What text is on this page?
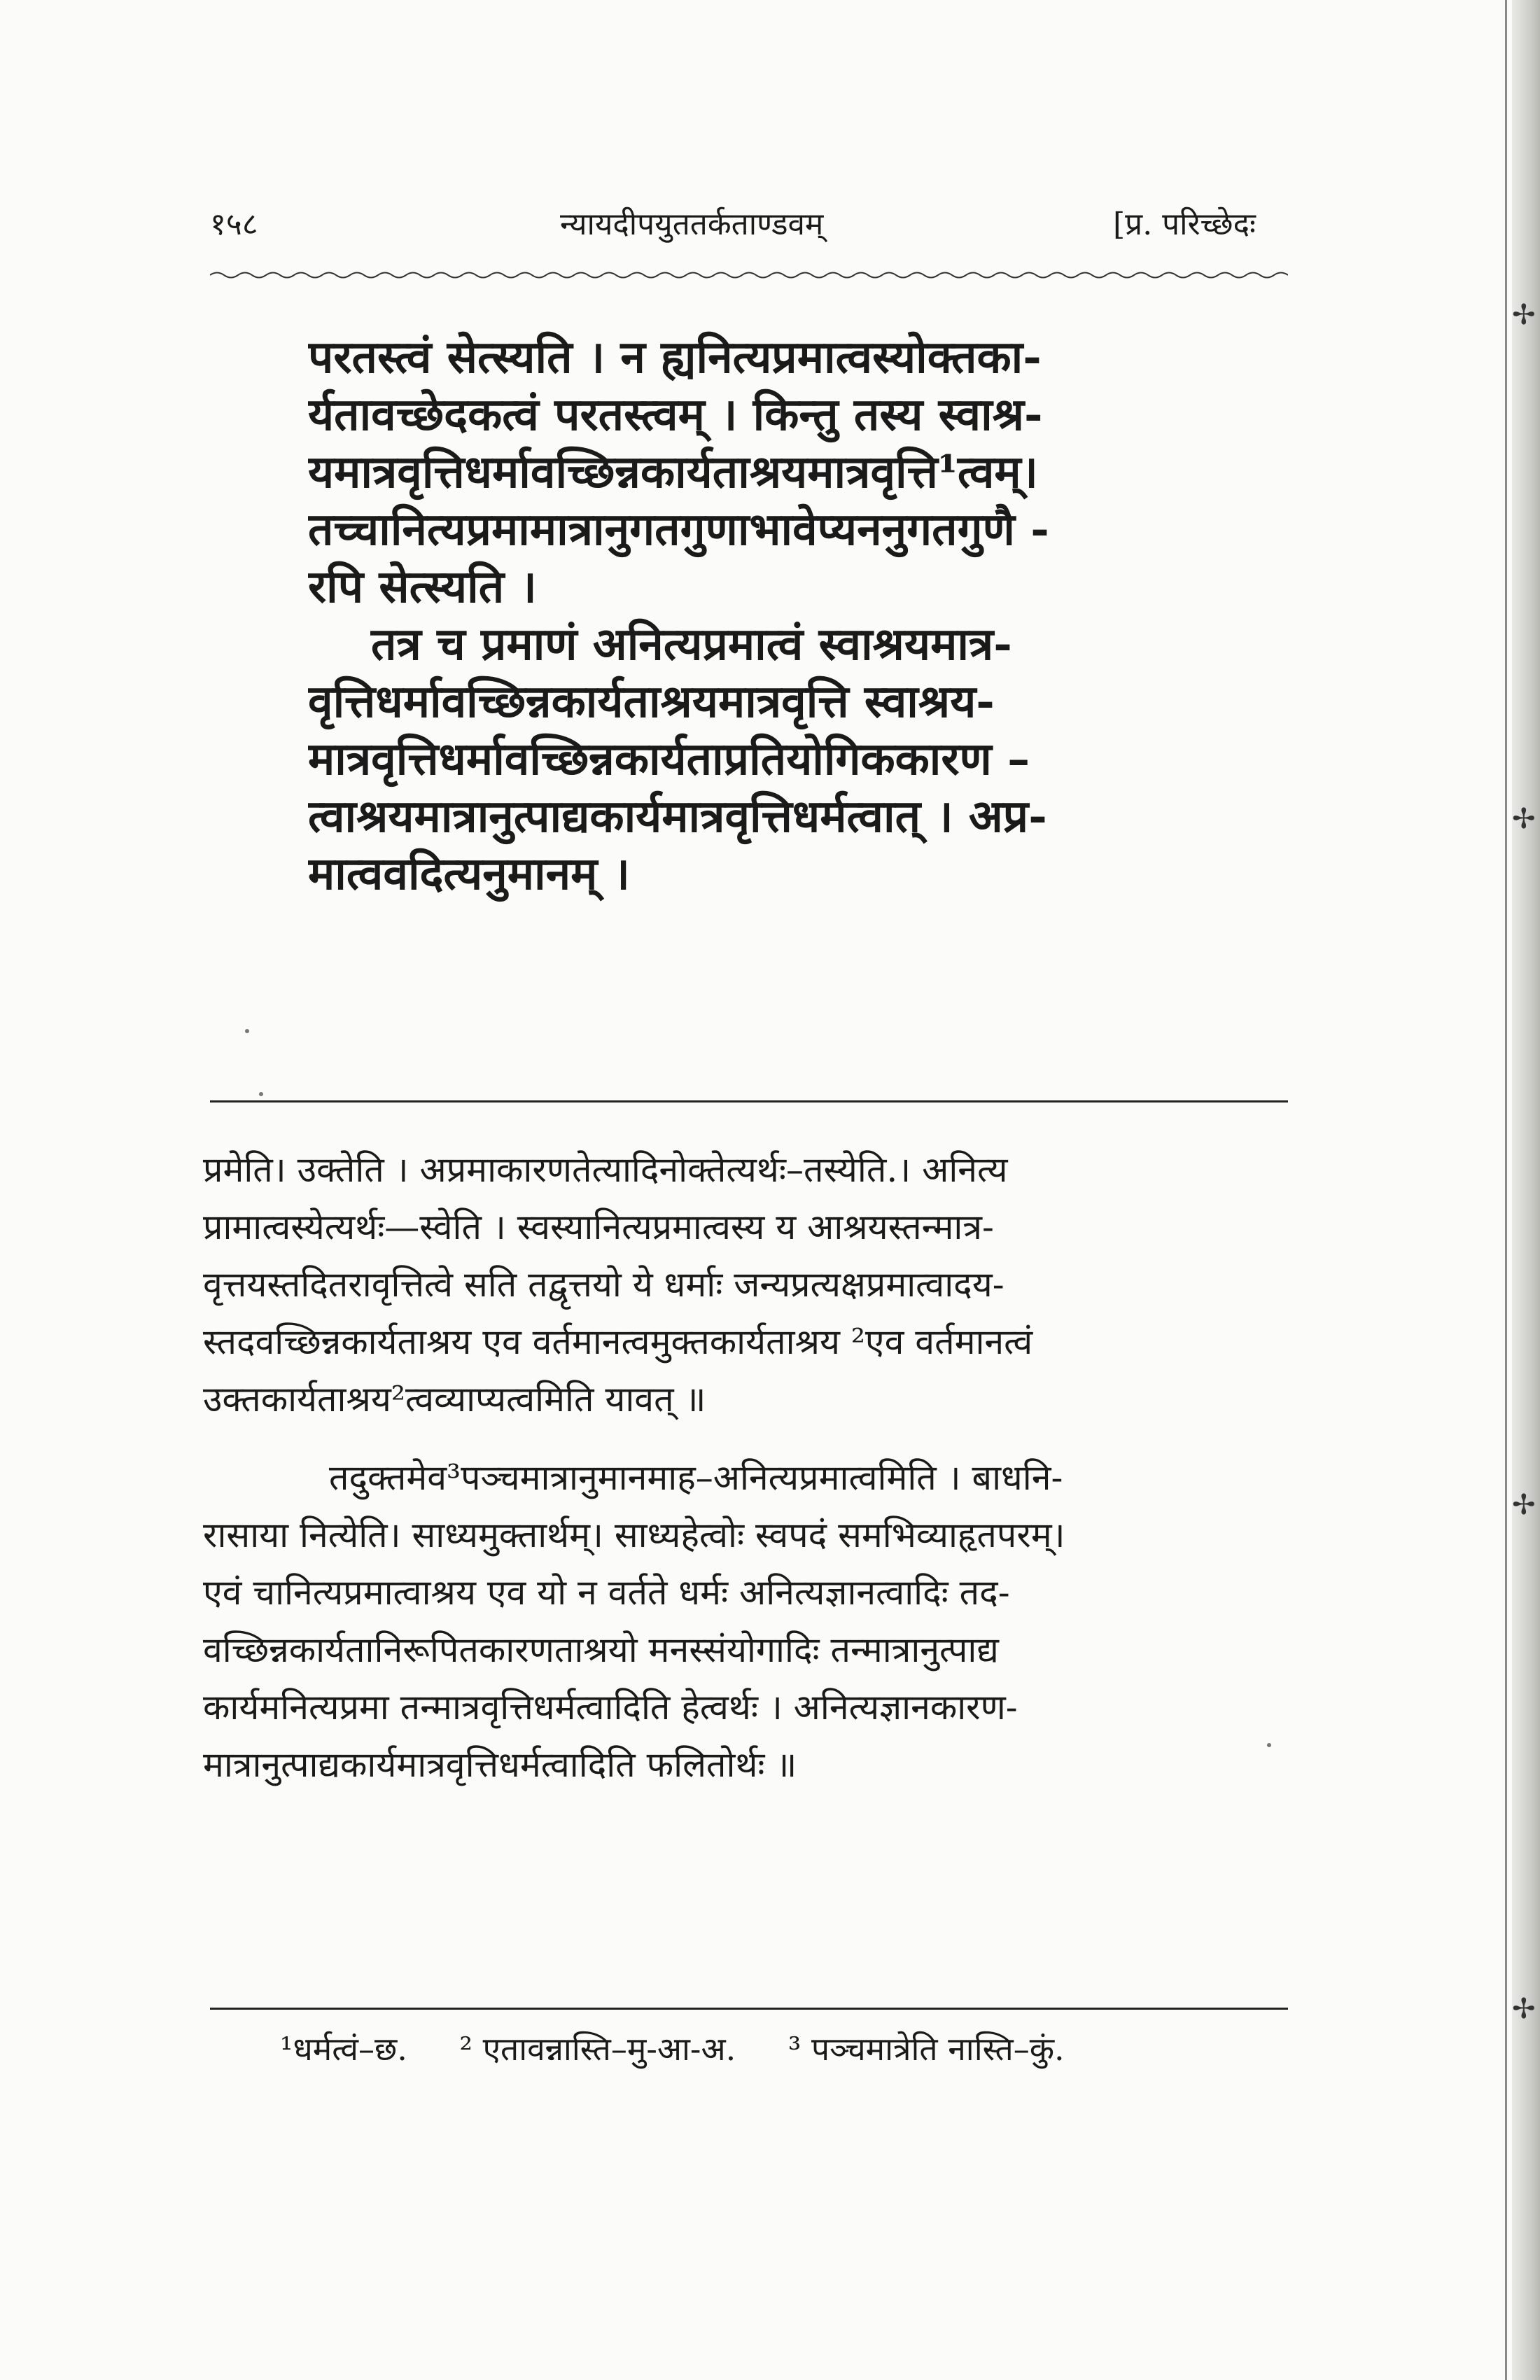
✢
✢
✢
✢
१५८	न्यायदीपयुततर्कताण्डवम्	[प्र. परिच्छेदः
परतस्त्वं सेत्स्यति । न ह्यनित्यप्रमात्वस्योक्तका-
र्यतावच्छेदकत्वं परतस्त्वम् । किन्तु तस्य स्वाश्र-
यमात्रवृत्तिधर्मावच्छिन्नकार्यताश्रयमात्रवृत्ति¹त्वम्।
तच्चानित्यप्रमामात्रानुगतगुणाभावेप्यननुगतगुणै -
रपि सेत्स्यति ।
तत्र च प्रमाणं अनित्यप्रमात्वं स्वाश्रयमात्र-
वृत्तिधर्मावच्छिन्नकार्यताश्रयमात्रवृत्ति स्वाश्रय-
मात्रवृत्तिधर्मावच्छिन्नकार्यताप्रतियोगिककारण –
त्वाश्रयमात्रानुत्पाद्यकार्यमात्रवृत्तिधर्मत्वात् । अप्र-
मात्ववदित्यनुमानम् ।
प्रमेति। उक्तेति । अप्रमाकारणतेत्यादिनोक्तेत्यर्थः–तस्येति.। अनित्य
प्रामात्वस्येत्यर्थः—स्वेति । स्वस्यानित्यप्रमात्वस्य य आश्रयस्तन्मात्र-
वृत्तयस्तदितरावृत्तित्वे सति तद्वृत्तयो ये धर्माः जन्यप्रत्यक्षप्रमात्वादय-
स्तदवच्छिन्नकार्यताश्रय एव वर्तमानत्वमुक्तकार्यताश्रय ²एव वर्तमानत्वं
उक्तकार्यताश्रय²त्वव्याप्यत्वमिति यावत् ॥
तदुक्तमेव³पञ्चमात्रानुमानमाह–अनित्यप्रमात्वमिति । बाधनि-
रासाया नित्येति। साध्यमुक्तार्थम्। साध्यहेत्वोः स्वपदं समभिव्याहृतपरम्।
एवं चानित्यप्रमात्वाश्रय एव यो न वर्तते धर्मः अनित्यज्ञानत्वादिः तद-
वच्छिन्नकार्यतानिरूपितकारणताश्रयो मनस्संयोगादिः तन्मात्रानुत्पाद्य
कार्यमनित्यप्रमा तन्मात्रवृत्तिधर्मत्वादिति हेत्वर्थः । अनित्यज्ञानकारण-
मात्रानुत्पाद्यकार्यमात्रवृत्तिधर्मत्वादिति फलितोर्थः ॥
¹धर्मत्वं–छ. ² एतावन्नास्ति–मु-आ-अ. ³ पञ्चमात्रेति नास्ति–कुं.
